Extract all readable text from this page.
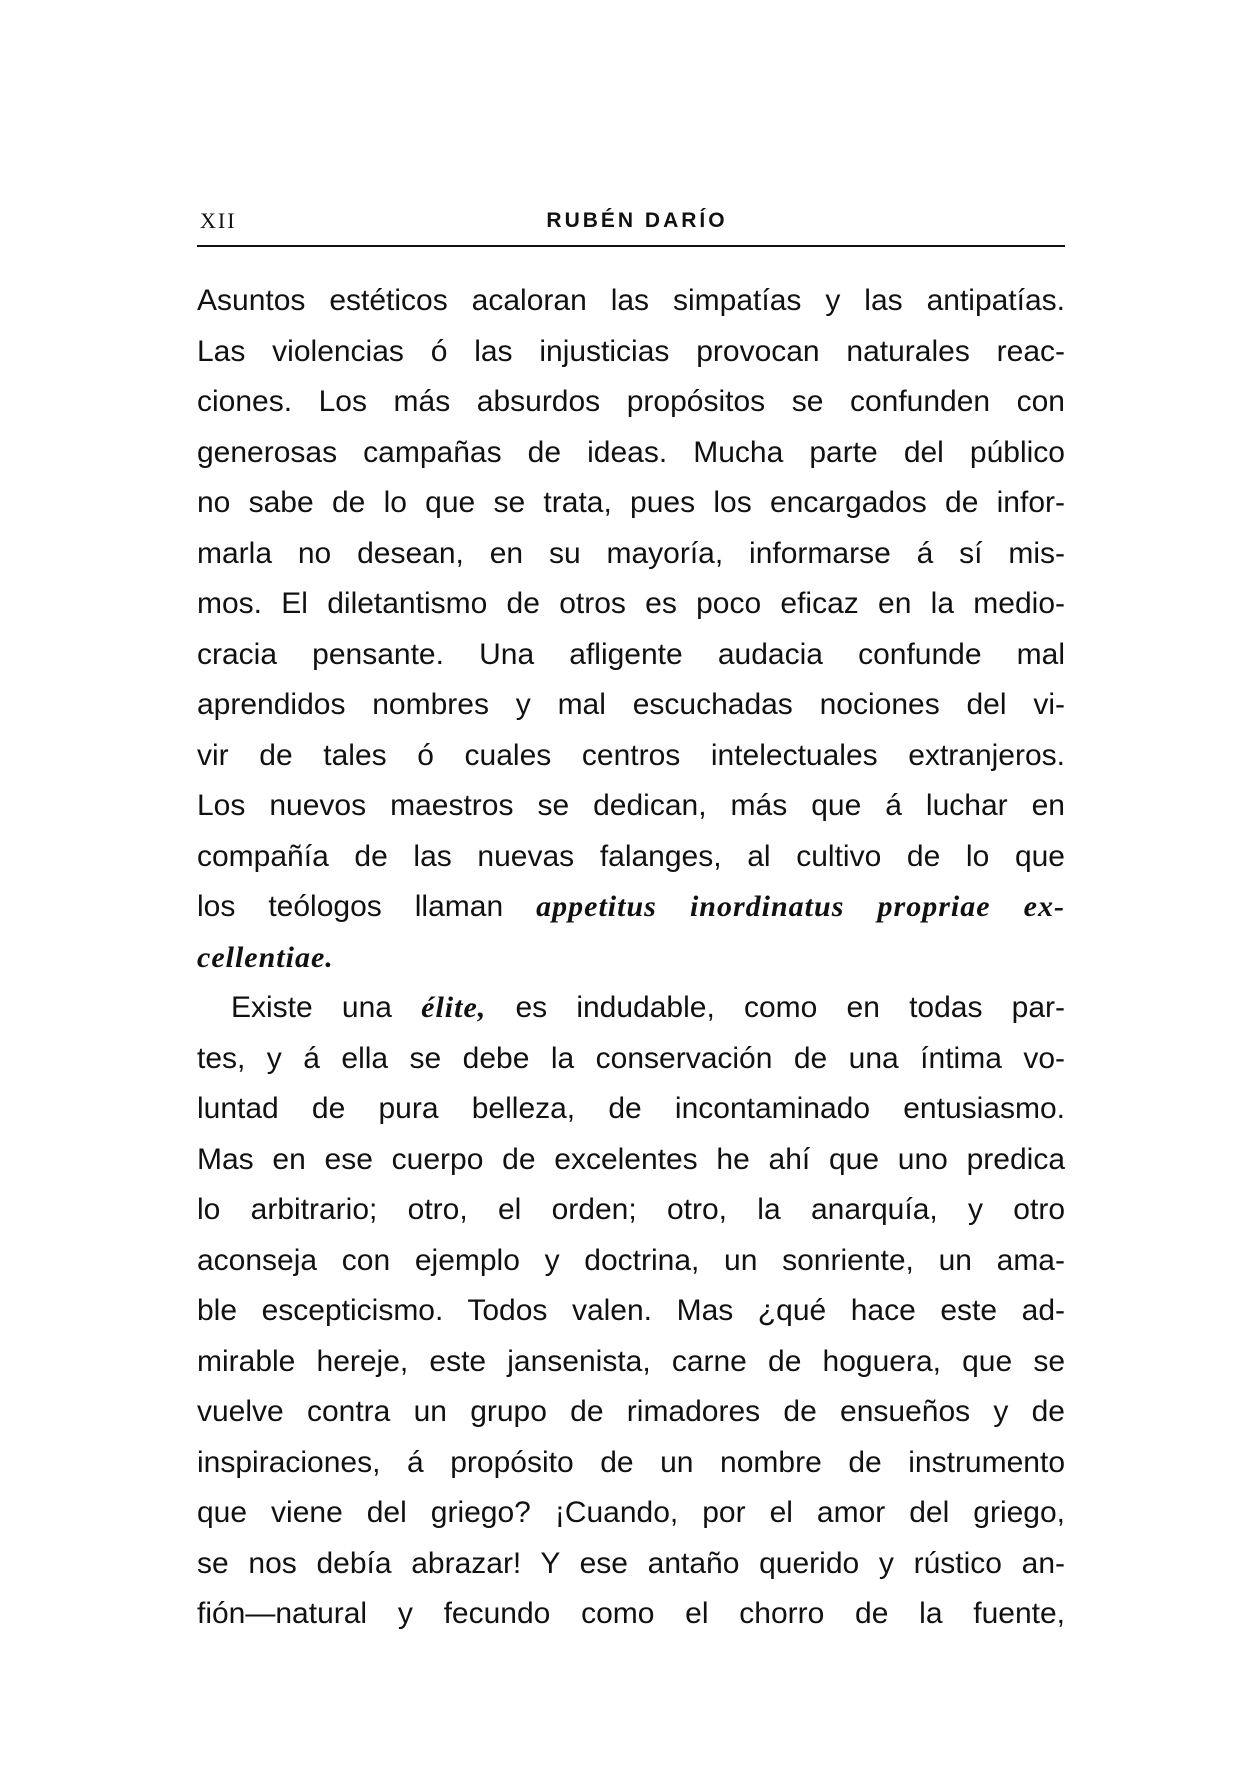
XII	RUBÉN DARÍO
Asuntos estéticos acaloran las simpatías y las antipatías.
Las violencias ó las injusticias provocan naturales reac-
ciones. Los más absurdos propósitos se confunden con
generosas campañas de ideas. Mucha parte del público
no sabe de lo que se trata, pues los encargados de infor-
marla no desean, en su mayoría, informarse á sí mis-
mos. El diletantismo de otros es poco eficaz en la medio-
cracia pensante. Una afligente audacia confunde mal
aprendidos nombres y mal escuchadas nociones del vi-
vir de tales ó cuales centros intelectuales extranjeros.
Los nuevos maestros se dedican, más que á luchar en
compañía de las nuevas falanges, al cultivo de lo que
los teólogos llaman appetitus inordinatus propriae ex-
cellentiae.
Existe una élite, es indudable, como en todas par-
tes, y á ella se debe la conservación de una íntima vo-
luntad de pura belleza, de incontaminado entusiasmo.
Mas en ese cuerpo de excelentes he ahí que uno predica
lo arbitrario; otro, el orden; otro, la anarquía, y otro
aconseja con ejemplo y doctrina, un sonriente, un ama-
ble escepticismo. Todos valen. Mas ¿qué hace este ad-
mirable hereje, este jansenista, carne de hoguera, que se
vuelve contra un grupo de rimadores de ensueños y de
inspiraciones, á propósito de un nombre de instrumento
que viene del griego? ¡Cuando, por el amor del griego,
se nos debía abrazar! Y ese antaño querido y rústico an-
fión—natural y fecundo como el chorro de la fuente,
